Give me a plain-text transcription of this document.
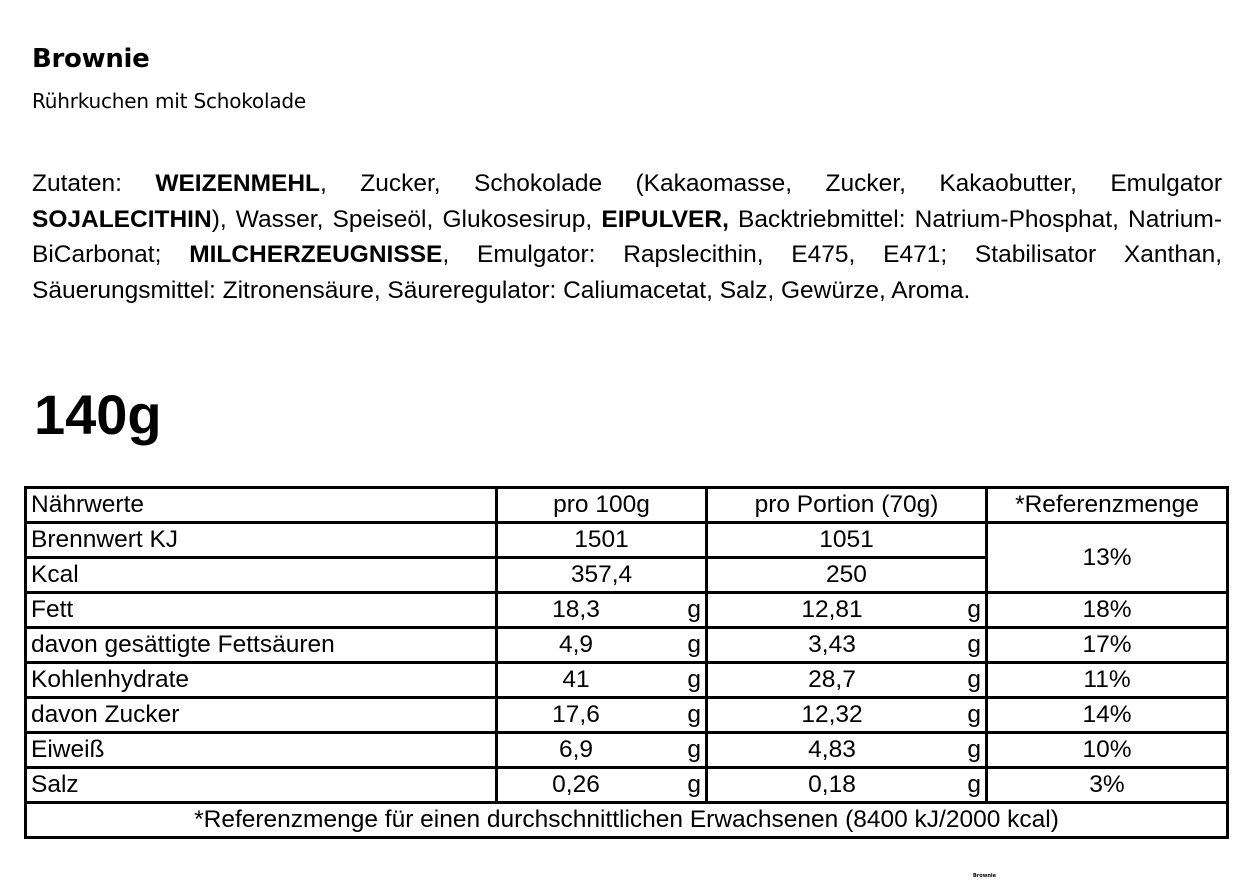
Brownie
Rührkuchen mit Schokolade
Zutaten: WEIZENMEHL, Zucker, Schokolade (Kakaomasse, Zucker, Kakaobutter, Emulgator SOJALECITHIN), Wasser, Speiseöl, Glukosesirup, EIPULVER, Backtriebmittel: Natrium-Phosphat, Natrium-BiCarbonat; MILCHERZEUGNISSE, Emulgator: Rapslecithin, E475, E471; Stabilisator Xanthan, Säuerungsmittel: Zitronensäure, Säureregulator: Caliumacetat, Salz, Gewürze, Aroma.
140g
Nährwerte	pro 100g	pro Portion (70g)	*Referenzmenge
Brennwert KJ	1501	1051	13%
Kcal	357,4	250	
Fett	18,3 g	12,81 g	18%
davon gesättigte Fettsäuren	4,9 g	3,43 g	17%
Kohlenhydrate	41 g	28,7 g	11%
davon Zucker	17,6 g	12,32 g	14%
Eiweiß	6,9 g	4,83 g	10%
Salz	0,26 g	0,18 g	3%
*Referenzmenge für einen durchschnittlichen Erwachsenen (8400 kJ/2000 kcal)			
Brownie
